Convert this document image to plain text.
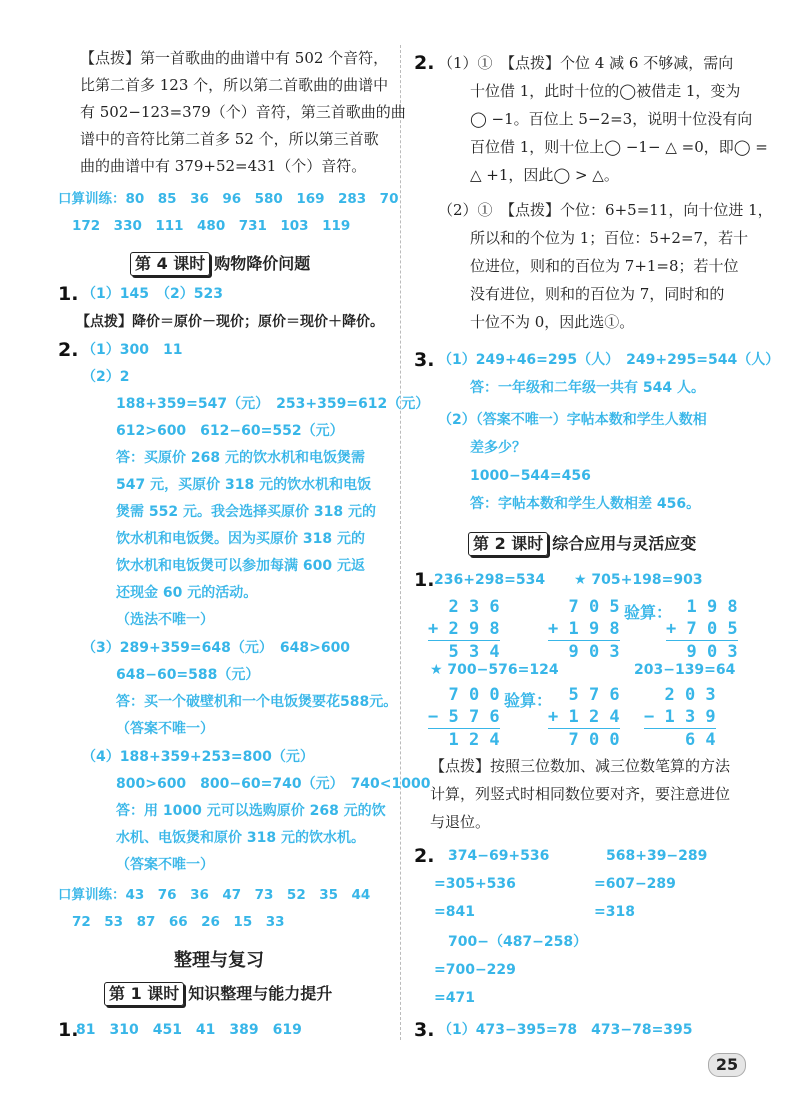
【点拨】第一首歌曲的曲谱中有 502 个音符，
比第二首多 123 个，所以第二首歌曲的曲谱中
有 502−123=379（个）音符，第三首歌曲的曲
谱中的音符比第二首多 52 个，所以第三首歌
曲的曲谱中有 379+52=431（个）音符。
口算训练：80　85　36　96　580　169　283　70
172　330　111　480　731　103　119
第 4 课时 购物降价问题
1. （1）145　（2）523
【点拨】降价＝原价－现价；原价＝现价＋降价。
2. （1）300　11
（2）2
188+359=547（元）　253+359=612（元）
612>600　612−60=552（元）
答：买原价 268 元的饮水机和电饭煲需
547 元，买原价 318 元的饮水机和电饭
煲需 552 元。我会选择买原价 318 元的
饮水机和电饭煲。因为买原价 318 元的
饮水机和电饭煲可以参加每满 600 元返
还现金 60 元的活动。
（选法不唯一）
（3）289+359=648（元）　648>600
648−60=588（元）
答：买一个破壁机和一个电饭煲要花588元。
（答案不唯一）
（4）188+359+253=800（元）
800>600　800−60=740（元）　740<1000
答：用 1000 元可以选购原价 268 元的饮
水机、电饭煲和原价 318 元的饮水机。
（答案不唯一）
口算训练：43　76　36　47　73　52　35　44
72　53　87　66　26　15　33
整理与复习
第 1 课时 知识整理与能力提升
1.
81　310　451　41　389　619
2. （1）①　【点拨】个位 4 减 6 不够减，需向
十位借 1，此时十位的◯被借走 1，变为
◯ −1。百位上 5−2=3，说明十位没有向
百位借 1，则十位上◯ −1− △ =0，即◯ =
△ +1，因此◯ > △。
（2）①　【点拨】个位：6+5=11，向十位进 1，
所以和的个位为 1；百位：5+2=7，若十
位进位，则和的百位为 7+1=8；若十位
没有进位，则和的百位为 7，同时和的
十位不为 0，因此选①。
3. （1）249+46=295（人）　249+295=544（人）
答：一年级和二年级一共有 544 人。
（2）（答案不唯一）字帖本数和学生人数相
差多少？
1000−544=456
答：字帖本数和学生人数相差 456。
第 2 课时 综合应用与灵活应变
1. 236+298=534 ★ 705+198=903
2 3 6
+ 2 9 8
5 3 4
7 0 5
+ 1 9 8
9 0 3
验算：
1 9 8
+ 7 0 5
9 0 3
★ 700−576=124	203−139=64
7 0 0
− 5 7 6
1 2 4
验算：
5 7 6
+ 1 2 4
7 0 0
2 0 3
− 1 3 9
6 4
【点拨】按照三位数加、减三位数笔算的方法
计算，列竖式时相同数位要对齐，要注意进位
与退位。
2. 374−69+536
=305+536
=841
568+39−289
=607−289
=318
700−（487−258）
=700−229
=471
3. （1）473−395=78　473−78=395
25
